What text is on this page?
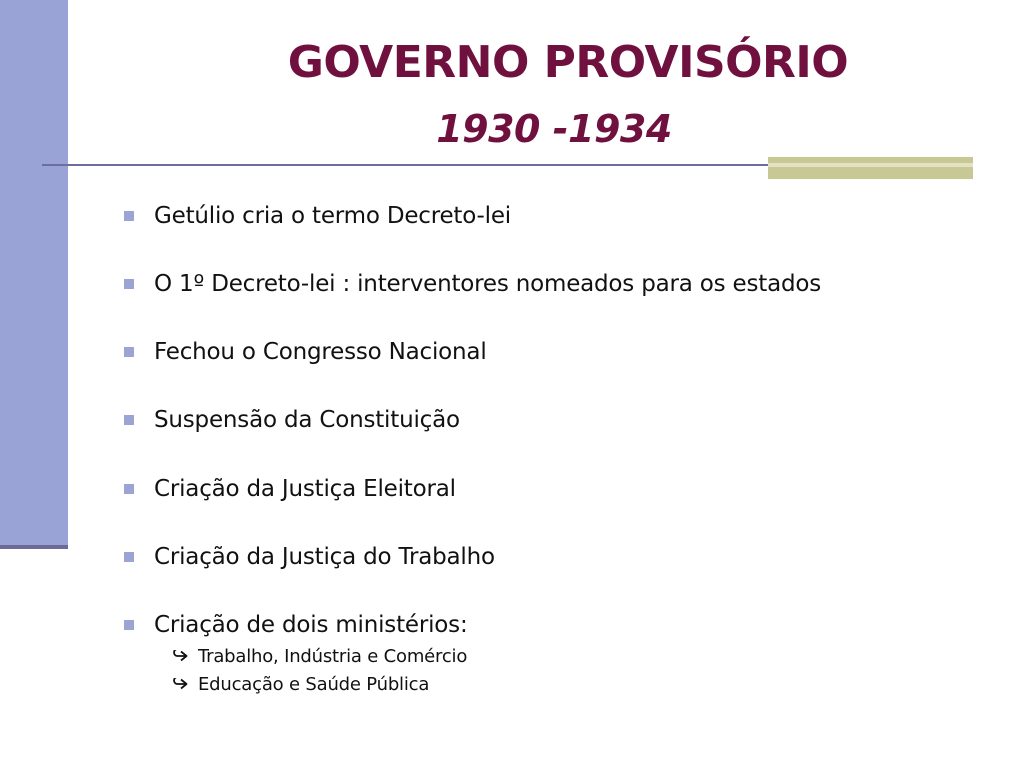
GOVERNO PROVISÓRIO
1930 -1934
Getúlio cria o termo Decreto-lei
O 1º Decreto-lei : interventores nomeados para os estados
Fechou o Congresso Nacional
Suspensão da Constituição
Criação da Justiça Eleitoral
Criação da Justiça do Trabalho
Criação de dois ministérios:
Trabalho, Indústria e Comércio
Educação e Saúde Pública
